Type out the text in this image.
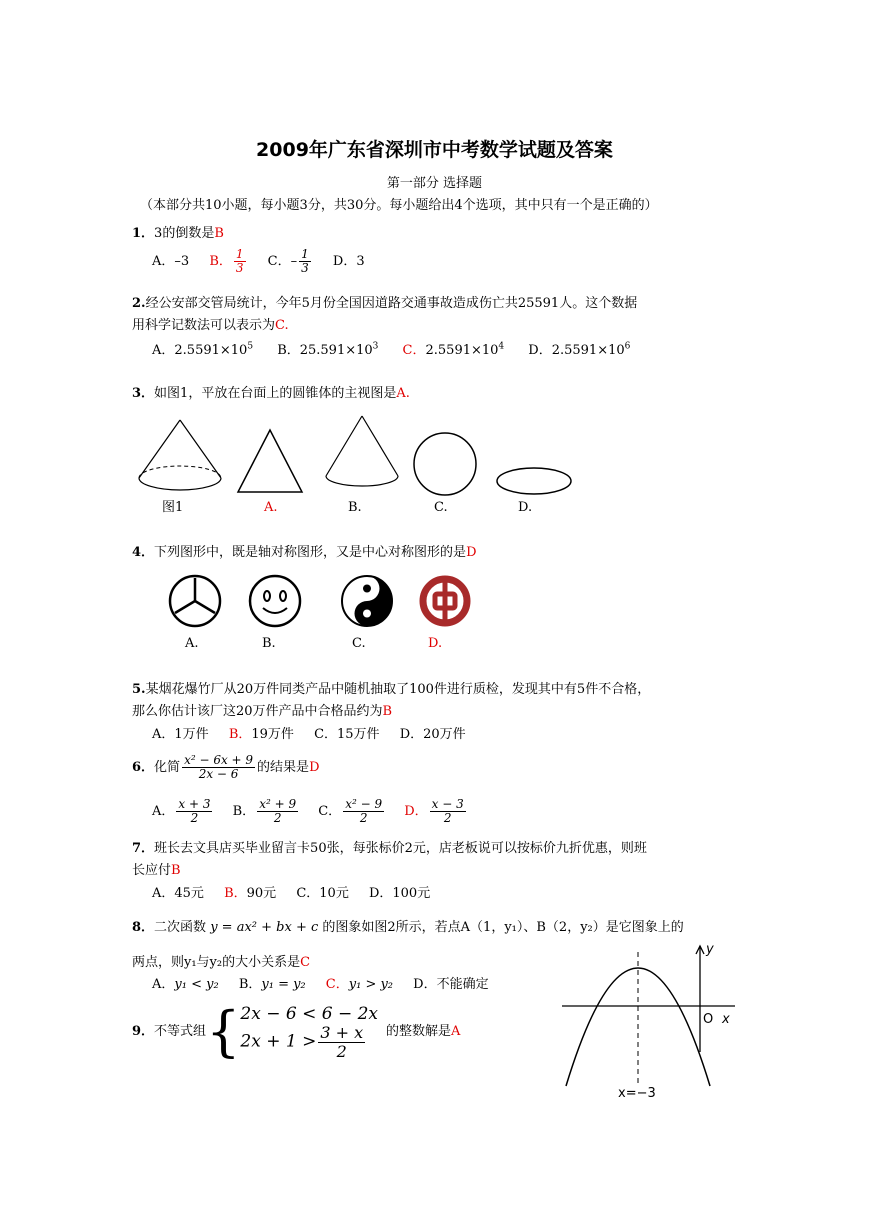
2009年广东省深圳市中考数学试题及答案
第一部分 选择题
（本部分共10小题，每小题3分，共30分。每小题给出4个选项，其中只有一个是正确的）
1．3的倒数是B
A．–3 B． $\frac{1}{3}$ C．– $\frac{1}{3}$ D．3
2.经公安部交管局统计，今年5月份全国因道路交通事故造成伤亡共25591人。这个数据
用科学记数法可以表示为C.
A．$2.5591\times 10^5$ B．$25.591\times 10^3$ C．$2.5591\times 10^4$ D．$2.5591\times 10^6$
3．如图1，平放在台面上的圆锥体的主视图是A.
图1	A.	B.	C.	D.
4．下列图形中，既是轴对称图形，又是中心对称图形的是D
A.	B.	C.	D.
5.某烟花爆竹厂从20万件同类产品中随机抽取了100件进行质检，发现其中有5件不合格，
那么你估计该厂这20万件产品中合格品约为B
A．1万件 B．19万件 C．15万件 D．20万件
6．化简 $\frac{\text{x² − 6x + 9}}{2x - 6}$ 的结果是D
A． $\frac{x + 3}{2}$ B． $\frac{\text{x² + 9}}{2}$ C． $\frac{\text{x² − 9}}{2}$ D． $\frac{x - 3}{2}$
7．班长去文具店买毕业留言卡50张，每张标价2元，店老板说可以按标价九折优惠，则班
长应付B
A．45元 B．90元 C．10元 D．100元
8．二次函数 y = ax² + bx + c 的图象如图2所示，若点A（1，y₁）、B（2，y₂）是它图象上的
两点，则y₁与y₂的大小关系是C
A．y₁ < y₂ B．y₁ = y₂ C．y₁ > y₂ D．不能确定
y
O x
x=−3
9．不等式组{ 2x − 6 < 6 − 2x
$2x + 1 > \frac{3 + x}{2}$ 的整数解是A
